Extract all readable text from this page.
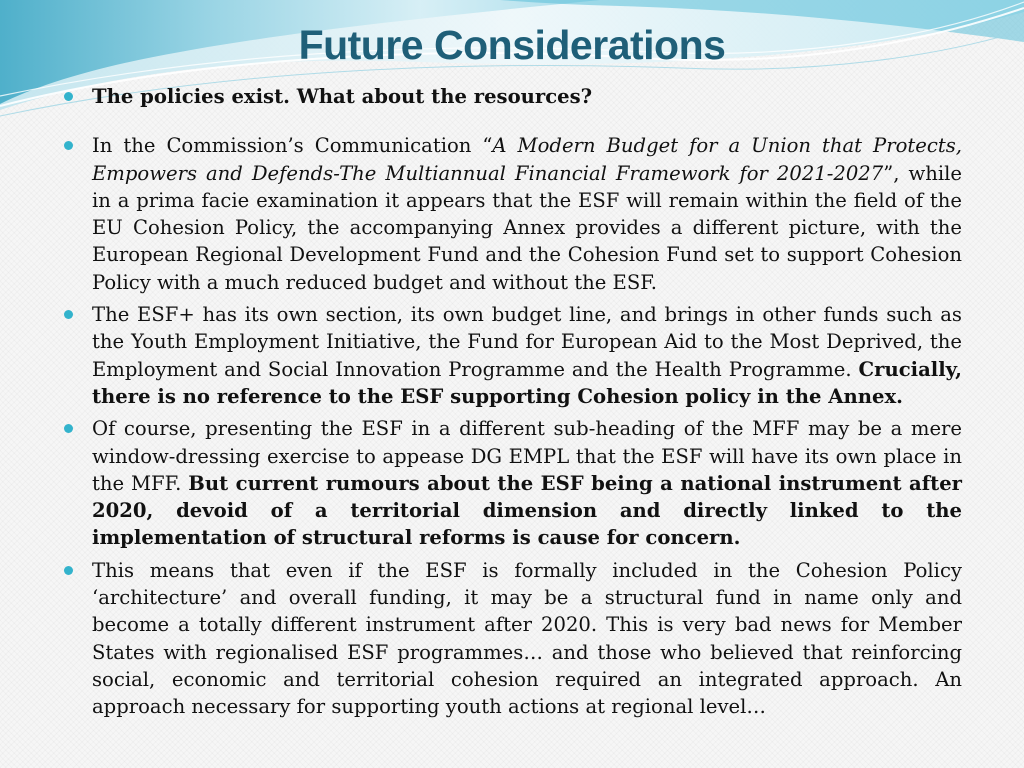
Future Considerations

The policies exist. What about the resources?

In the Commission’s Communication “A Modern Budget for a Union that Protects, Empowers and Defends-The Multiannual Financial Framework for 2021-2027”, while in a prima facie examination it appears that the ESF will remain within the field of the EU Cohesion Policy, the accompanying Annex provides a different picture, with the European Regional Development Fund and the Cohesion Fund set to support Cohesion Policy with a much reduced budget and without the ESF.

The ESF+ has its own section, its own budget line, and brings in other funds such as the Youth Employment Initiative, the Fund for European Aid to the Most Deprived, the Employment and Social Innovation Programme and the Health Programme. Crucially, there is no reference to the ESF supporting Cohesion policy in the Annex.

Of course, presenting the ESF in a different sub-heading of the MFF may be a mere window-dressing exercise to appease DG EMPL that the ESF will have its own place in the MFF. But current rumours about the ESF being a national instrument after 2020, devoid of a territorial dimension and directly linked to the implementation of structural reforms is cause for concern.

This means that even if the ESF is formally included in the Cohesion Policy ‘architecture’ and overall funding, it may be a structural fund in name only and become a totally different instrument after 2020. This is very bad news for Member States with regionalised ESF programmes… and those who believed that reinforcing social, economic and territorial cohesion required an integrated approach. An approach necessary for supporting youth actions at regional level…
